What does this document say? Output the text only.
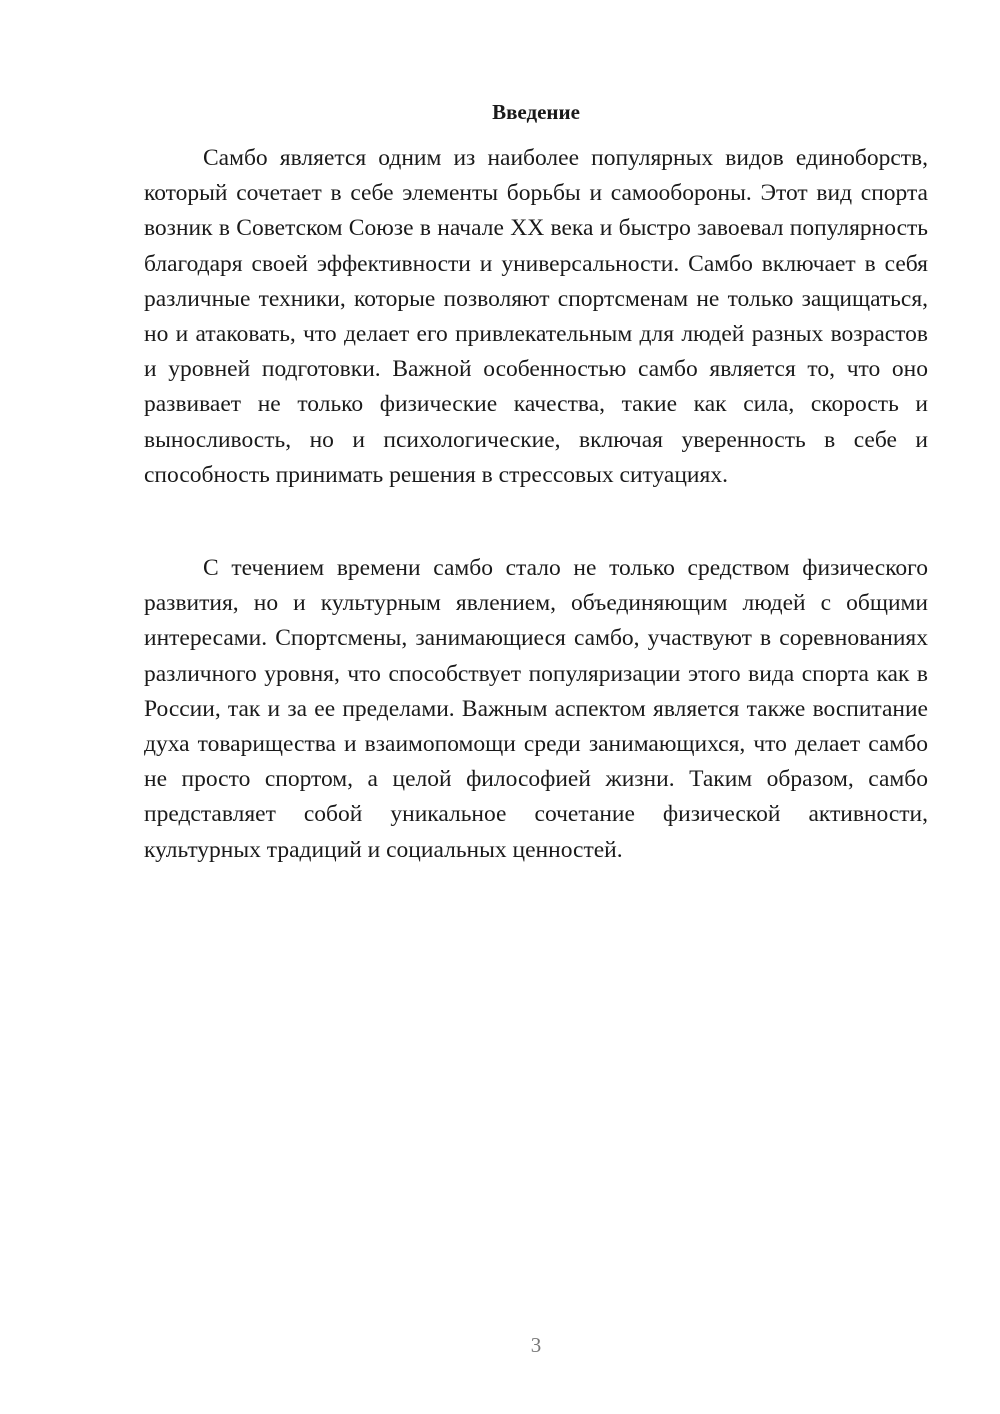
Введение

Самбо является одним из наиболее популярных видов единоборств, который сочетает в себе элементы борьбы и самообороны. Этот вид спорта возник в Советском Союзе в начале XX века и быстро завоевал популярность благодаря своей эффективности и универсальности. Самбо включает в себя различные техники, которые позволяют спортсменам не только защищаться, но и атаковать, что делает его привлекательным для людей разных возрастов и уровней подготовки. Важной особенностью самбо является то, что оно развивает не только физические качества, такие как сила, скорость и выносливость, но и психологические, включая уверенность в себе и способность принимать решения в стрессовых ситуациях.

С течением времени самбо стало не только средством физического развития, но и культурным явлением, объединяющим людей с общими интересами. Спортсмены, занимающиеся самбо, участвуют в соревнованиях различного уровня, что способствует популяризации этого вида спорта как в России, так и за ее пределами. Важным аспектом является также воспитание духа товарищества и взаимопомощи среди занимающихся, что делает самбо не просто спортом, а целой философией жизни. Таким образом, самбо представляет собой уникальное сочетание физической активности, культурных традиций и социальных ценностей.

3
